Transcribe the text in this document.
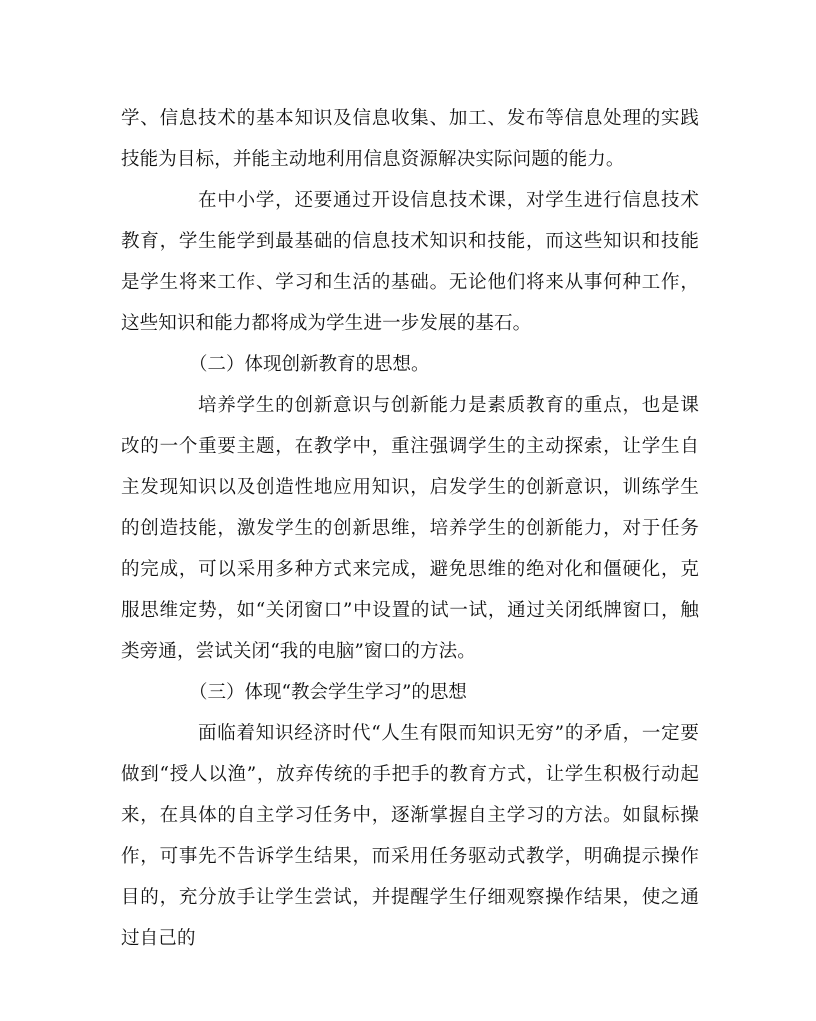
学、信息技术的基本知识及信息收集、加工、发布等信息处理的实践技能为目标，并能主动地利用信息资源解决实际问题的能力。

在中小学，还要通过开设信息技术课，对学生进行信息技术教育，学生能学到最基础的信息技术知识和技能，而这些知识和技能是学生将来工作、学习和生活的基础。无论他们将来从事何种工作，这些知识和能力都将成为学生进一步发展的基石。

（二）体现创新教育的思想。

培养学生的创新意识与创新能力是素质教育的重点，也是课改的一个重要主题，在教学中，重注强调学生的主动探索，让学生自主发现知识以及创造性地应用知识，启发学生的创新意识，训练学生的创造技能，激发学生的创新思维，培养学生的创新能力，对于任务的完成，可以采用多种方式来完成，避免思维的绝对化和僵硬化，克服思维定势，如“关闭窗口”中设置的试一试，通过关闭纸牌窗口，触类旁通，尝试关闭“我的电脑”窗口的方法。

（三）体现“教会学生学习”的思想

面临着知识经济时代“人生有限而知识无穷”的矛盾，一定要做到“授人以渔”，放弃传统的手把手的教育方式，让学生积极行动起来，在具体的自主学习任务中，逐渐掌握自主学习的方法。如鼠标操作，可事先不告诉学生结果，而采用任务驱动式教学，明确提示操作目的，充分放手让学生尝试，并提醒学生仔细观察操作结果，使之通过自己的
